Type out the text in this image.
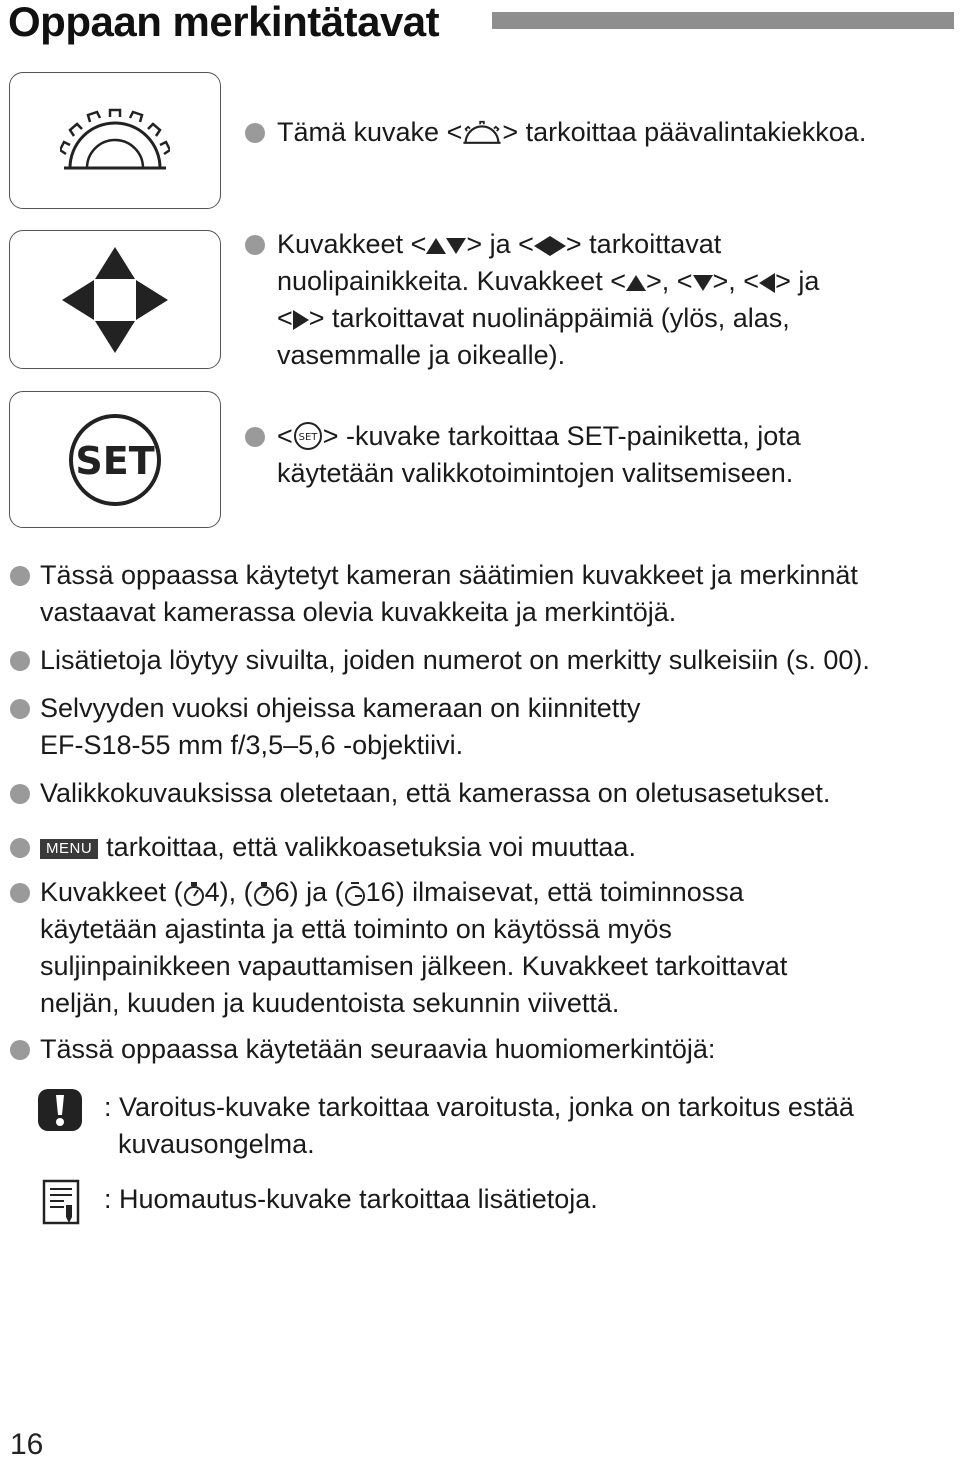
Oppaan merkintätavat
Tämä kuvake < > tarkoittaa päävalintakiekkoa.
Kuvakkeet < > ja < > tarkoittavat
nuolipainikkeita. Kuvakkeet < >, < >, < > ja
< > tarkoittavat nuolinäppäimiä (ylös, alas,
vasemmalle ja oikealle).
SET
< SET > -kuvake tarkoittaa SET-painiketta, jota
käytetään valikkotoimintojen valitsemiseen.
Tässä oppaassa käytetyt kameran säätimien kuvakkeet ja merkinnät
vastaavat kamerassa olevia kuvakkeita ja merkintöjä.
Lisätietoja löytyy sivuilta, joiden numerot on merkitty sulkeisiin (s. 00).
Selvyyden vuoksi ohjeissa kameraan on kiinnitetty
EF-S18-55 mm f/3,5–5,6 -objektiivi.
Valikkokuvauksissa oletetaan, että kamerassa on oletusasetukset.
MENU tarkoittaa, että valikkoasetuksia voi muuttaa.
Kuvakkeet ( 4), ( 6) ja ( 16) ilmaisevat, että toiminnossa
käytetään ajastinta ja että toiminto on käytössä myös
suljinpainikkeen vapauttamisen jälkeen. Kuvakkeet tarkoittavat
neljän, kuuden ja kuudentoista sekunnin viivettä.
Tässä oppaassa käytetään seuraavia huomiomerkintöjä:
: Varoitus-kuvake tarkoittaa varoitusta, jonka on tarkoitus estää
kuvausongelma.
: Huomautus-kuvake tarkoittaa lisätietoja.
16
